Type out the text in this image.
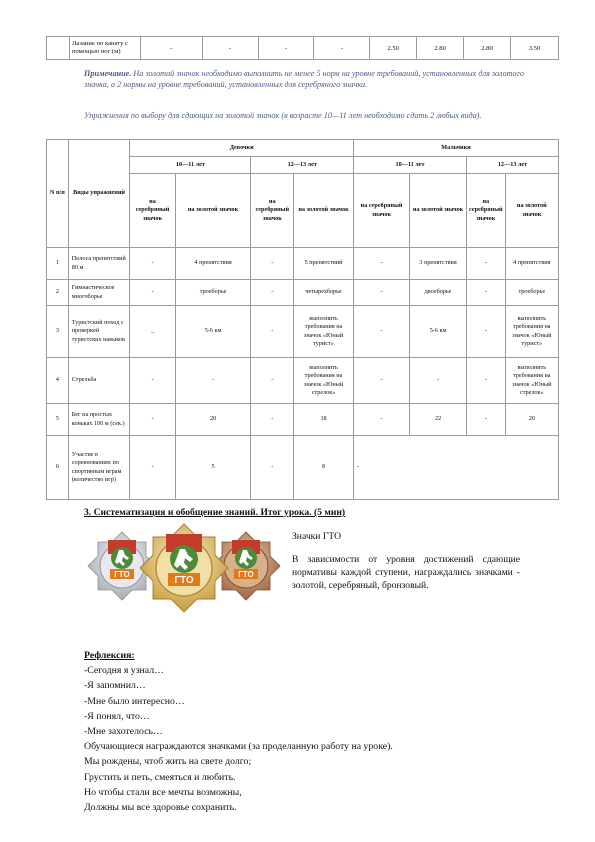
	Лазание по канату с помощью ног (м)	-	-	-	-	2.50	2.80	2.80	3.50
Примечание. На золотой значок необходимо выполнить не менее 5 норм на уровне требований, установленных для золотого значка, а 2 нормы на уровне требований, установленных для серебряного значка.
Упражнения по выбору для сдающих на золотой значок (в возрасте 10—11 лет необходимо сдать 2 любых вида).
N п/п	Виды упражнений	Девочки				Мальчики			
		10—11 лет		12—13 лет		10—11 лет		12—13 лет	
		на серебряный значок	на золотой значок	на серебряный значок	на золотой значок	на серебряный значок	на золотой значок	на серебряный значок	на золотой значок
1	Полоса препятствий 80 м	-	4 препятствия	-	5 препятствий	-	3 препятствия	-	4 препятствия
2	Гимнастическое многоборье	-	троеборье	-	четырехборье	-	двоеборье	-	троеборье
3	Туристский поход с проверкой туристских навыков	_	5-6 км	-	выполнить требования на значок «Юный турист»	-	5-6 км	-	выполнить требования на значок «Юный турист»
4	Стрельба	-	-	-	выполнить требования на значок «Юный стрелок»	-	-	-	выполнить требования на значок «Юный стрелок»
5	Бег на простых коньках 100 м (сек.)	-	20	-	18	-	22	-	20
6	Участие в соревнованиях по спортивным играм (количество игр)	-	5	-	8	-			
3. Систематизация и обобщение знаний. Итог урока. (5 мин)
ГТО	ГТО
ГТО
Значки ГТО
В зависимости от уровня достижений сдающие нормативы каждой ступени, награждались значками - золотой, серебряный, бронзовый.
Рефлексия:
-Сегодня я узнал…
-Я запомнил…
-Мне было интересно…
-Я понял, что…
-Мне захотелось…
Обучающиеся награждаются значками (за проделанную работу на уроке).
Мы рождены, чтоб жить на свете долго;
Грустить и петь, смеяться и любить.
Но чтобы стали все мечты возможны,
Должны мы все здоровье сохранить.
